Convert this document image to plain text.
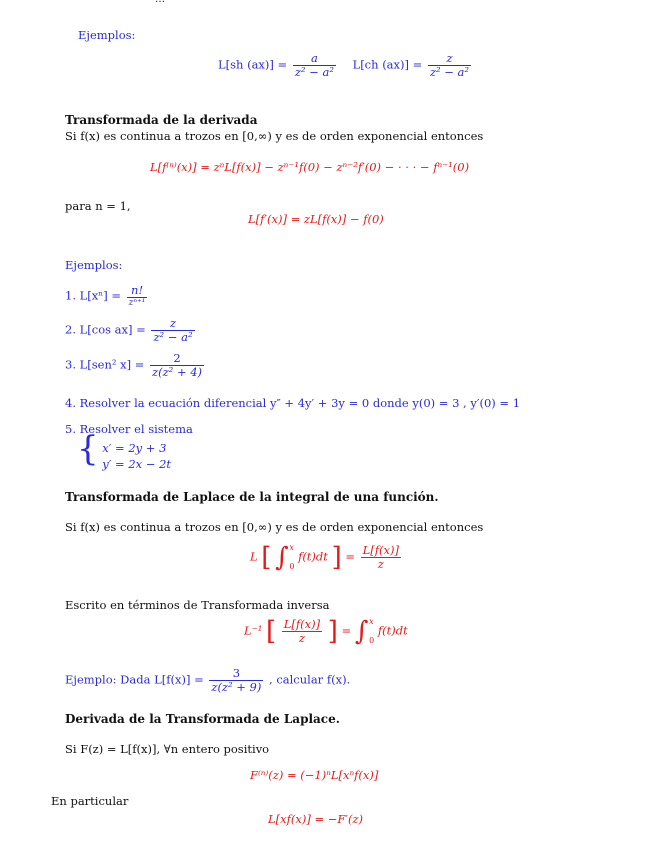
Ejemplos:
L[sh $(ax)] = \frac{a}{\text{z² − a²}} L[ch$ $(ax)] = \frac{z}{\text{z² − a²}}$
Transformada de la derivada
Si f(x) es continua a trozos en [0,∞) y es de orden exponencial entonces
L[f⁽ⁿ⁾(x)] = zⁿL[f(x)] − zⁿ⁻¹f(0) − zⁿ⁻²f′(0) − · · · − fⁿ⁻¹(0)
para n = 1,
L[f′(x)] = zL[f(x)] − f(0)
Ejemplos:
1. $L[x^n] = \frac{n!}{\text{zⁿ⁺¹}}$
2. L[cos $ax] = \frac{z}{\text{z² − a²}}$
3. L[sen² $x] = \frac{2}{\text{z(z² + 4)}}$
4. Resolver la ecuación diferencial y″ + 4y′ + 3y = 0 donde y(0) = 3 , y′(0) = 1
5. Resolver el sistema
{ x′ = 2y + 3
y′ = 2x − 2t
Transformada de Laplace de la integral de una función.
Si f(x) es continua a trozos en [0,∞) y es de orden exponencial entonces
L [ ∫ x

0
f(t)dt ] = $\frac{L[f(x)]}{z}$
Escrito en términos de Transformada inversa
L⁻¹ [ $\frac{L[f(x)]}{z}$ ] = ∫ x

0
f(t)dt
Ejemplo: Dada $L[f(x)] = \frac{3}{\text{z(z² + 9)}}$ , calcular f(x).
Derivada de la Transformada de Laplace.
Si F(z) = L[f(x)], ∀n entero positivo
F⁽ⁿ⁾(z) = (−1)ⁿL[xⁿf(x)]
En particular
L[xf(x)] = −F′(z)
